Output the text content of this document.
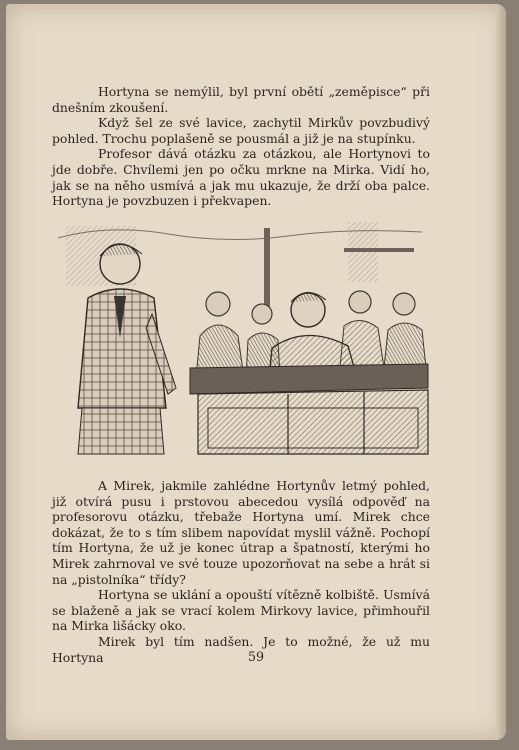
Hortyna se nemýlil, byl první obětí „zeměpisce“ při dnešním zkoušení.

Když šel ze své lavice, zachytil Mirkův povzbudivý pohled. Trochu poplašeně se pousmál a již je na stupínku.

Profesor dává otázku za otázkou, ale Hortynovi to jde dobře. Chvílemi jen po očku mrkne na Mirka. Vidí ho, jak se na něho usmívá a jak mu ukazuje, že drží oba palce. Hortyna je povzbuzen i překvapen.

A Mirek, jakmile zahlédne Hortynův letmý pohled, již otvírá pusu i prstovou abecedou vysílá odpověď na profesorovu otázku, třebaže Hortyna umí. Mirek chce dokázat, že to s tím slibem napovídat myslil vážně. Pochopí tím Hortyna, že už je konec útrap a špatností, kterými ho Mirek zahrnoval ve své touze upozorňovat na sebe a hrát si na „pistolníka“ třídy?

Hortyna se uklání a opouští vítězně kolbiště. Usmívá se blaženě a jak se vrací kolem Mirkovy lavice, přimhouřil na Mirka lišácky oko.

Mirek byl tím nadšen. Je to možné, že už mu Hortyna	59
